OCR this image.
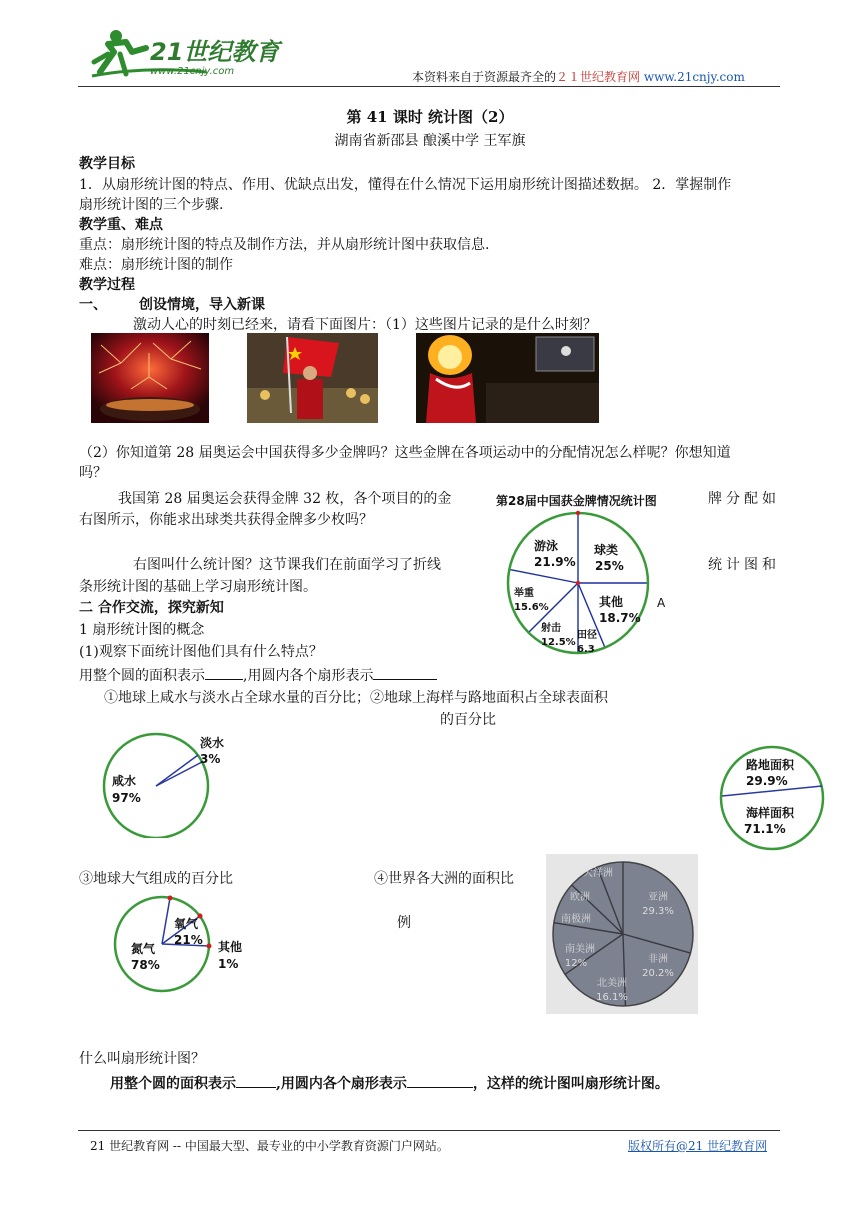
21世纪教育
www.21cnjy.com	本资料来自于资源最齐全的２１世纪教育网 www.21cnjy.com
第 41 课时 统计图（2）
湖南省新邵县 酿溪中学 王军旗
教学目标
1．从扇形统计图的特点、作用、优缺点出发，懂得在什么情况下运用扇形统计图描述数据。 2．掌握制作
扇形统计图的三个步骤.
教学重、难点
重点：扇形统计图的特点及制作方法，并从扇形统计图中获取信息.
难点：扇形统计图的制作
教学过程
一、 创设情境，导入新课
激动人心的时刻已经来，请看下面图片：（1）这些图片记录的是什么时刻？
（2）你知道第 28 届奥运会中国获得多少金牌吗？这些金牌在各项运动中的分配情况怎么样呢？你想知道
吗？
我国第 28 届奥运会获得金牌 32 枚，各个项目的的金	牌分配如
右图所示，你能求出球类共获得金牌多少枚吗？
右图叫什么统计图？这节课我们在前面学习了折线	统计图和
条形统计图的基础上学习扇形统计图。
第28届中国获金牌情况统计图
游泳
21.9%
球类
25%
其他
18.7%
举重
15.6%
射击
12.5%
田径
6.3
A
二 合作交流，探究新知
1 扇形统计图的概念
(1)观察下面统计图他们具有什么特点？
用整个圆的面积表示	,用圆内各个扇形表示
①地球上咸水与淡水占全球水量的百分比；②地球上海样与路地面积占全球表面积
的百分比
淡水
3%
咸水
97%
路地面积
29.9%
海样面积
71.1%
③地球大气组成的百分比	④世界各大洲的面积比
例
氧气
21% 其他
1%
氮气
78%
亚洲
非洲
北美洲
南美洲
南极洲
欧洲
大洋洲
29.3%
20.2%
16.1%
12%
什么叫扇形统计图？
用整个圆的面积表示	,用圆内各个扇形表示	，这样的统计图叫扇形统计图。
21 世纪教育网 -- 中国最大型、最专业的中小学教育资源门户网站。	版权所有@21 世纪教育网
